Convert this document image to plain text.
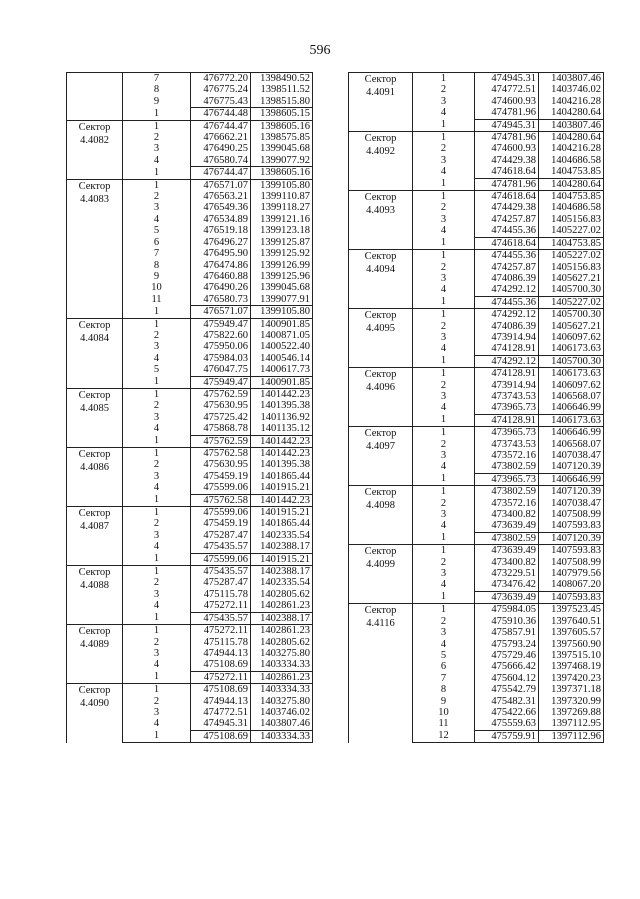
596
	7	476772.20	1398490.52
	8	476775.24	1398511.52
	9	476775.43	1398515.80
	1	476744.48	1398605.15

Сектор
4.4082	1	476744.47	1398605.16
	2	476662.21	1398575.85
	3	476490.25	1399045.68
	4	476580.74	1399077.92
	1	476744.47	1398605.16

Сектор
4.4083	1	476571.07	1399105.80
	2	476563.21	1399110.87
	3	476549.36	1399118.27
	4	476534.89	1399121.16
	5	476519.18	1399123.18
	6	476496.27	1399125.87
	7	476495.90	1399125.92
	8	476474.86	1399126.99
	9	476460.88	1399125.96
	10	476490.26	1399045.68
	11	476580.73	1399077.91
	1	476571.07	1399105.80

Сектор
4.4084	1	475949.47	1400901.85
	2	475822.60	1400871.05
	3	475950.06	1400522.40
	4	475984.03	1400546.14
	5	476047.75	1400617.73
	1	475949.47	1400901.85

Сектор
4.4085	1	475762.59	1401442.23
	2	475630.95	1401395.38
	3	475725.42	1401136.92
	4	475868.78	1401135.12
	1	475762.59	1401442.23

Сектор
4.4086	1	475762.58	1401442.23
	2	475630.95	1401395.38
	3	475459.19	1401865.44
	4	475599.06	1401915.21
	1	475762.58	1401442.23

Сектор
4.4087	1	475599.06	1401915.21
	2	475459.19	1401865.44
	3	475287.47	1402335.54
	4	475435.57	1402388.17
	1	475599.06	1401915.21

Сектор
4.4088	1	475435.57	1402388.17
	2	475287.47	1402335.54
	3	475115.78	1402805.62
	4	475272.11	1402861.23
	1	475435.57	1402388.17

Сектор
4.4089	1	475272.11	1402861.23
	2	475115.78	1402805.62
	3	474944.13	1403275.80
	4	475108.69	1403334.33
	1	475272.11	1402861.23

Сектор
4.4090	1	475108.69	1403334.33
	2	474944.13	1403275.80
	3	474772.51	1403746.02
	4	474945.31	1403807.46
	1	475108.69	1403334.33
Сектор
4.4091	1	474945.31	1403807.46
	2	474772.51	1403746.02
	3	474600.93	1404216.28
	4	474781.96	1404280.64
	1	474945.31	1403807.46

Сектор
4.4092	1	474781.96	1404280.64
	2	474600.93	1404216.28
	3	474429.38	1404686.58
	4	474618.64	1404753.85
	1	474781.96	1404280.64

Сектор
4.4093	1	474618.64	1404753.85
	2	474429.38	1404686.58
	3	474257.87	1405156.83
	4	474455.36	1405227.02
	1	474618.64	1404753.85

Сектор
4.4094	1	474455.36	1405227.02
	2	474257.87	1405156.83
	3	474086.39	1405627.21
	4	474292.12	1405700.30
	1	474455.36	1405227.02

Сектор
4.4095	1	474292.12	1405700.30
	2	474086.39	1405627.21
	3	473914.94	1406097.62
	4	474128.91	1406173.63
	1	474292.12	1405700.30

Сектор
4.4096	1	474128.91	1406173.63
	2	473914.94	1406097.62
	3	473743.53	1406568.07
	4	473965.73	1406646.99
	1	474128.91	1406173.63

Сектор
4.4097	1	473965.73	1406646.99
	2	473743.53	1406568.07
	3	473572.16	1407038.47
	4	473802.59	1407120.39
	1	473965.73	1406646.99

Сектор
4.4098	1	473802.59	1407120.39
	2	473572.16	1407038.47
	3	473400.82	1407508.99
	4	473639.49	1407593.83
	1	473802.59	1407120.39

Сектор
4.4099	1	473639.49	1407593.83
	2	473400.82	1407508.99
	3	473229.51	1407979.56
	4	473476.42	1408067.20
	1	473639.49	1407593.83

Сектор
4.4116	1	475984.05	1397523.45
	2	475910.36	1397640.51
	3	475857.91	1397605.57
	4	475793.24	1397560.90
	5	475729.46	1397515.10
	6	475666.42	1397468.19
	7	475604.12	1397420.23
	8	475542.79	1397371.18
	9	475482.31	1397320.99
	10	475422.66	1397269.88
	11	475559.63	1397112.95
	12	475759.91	1397112.96
